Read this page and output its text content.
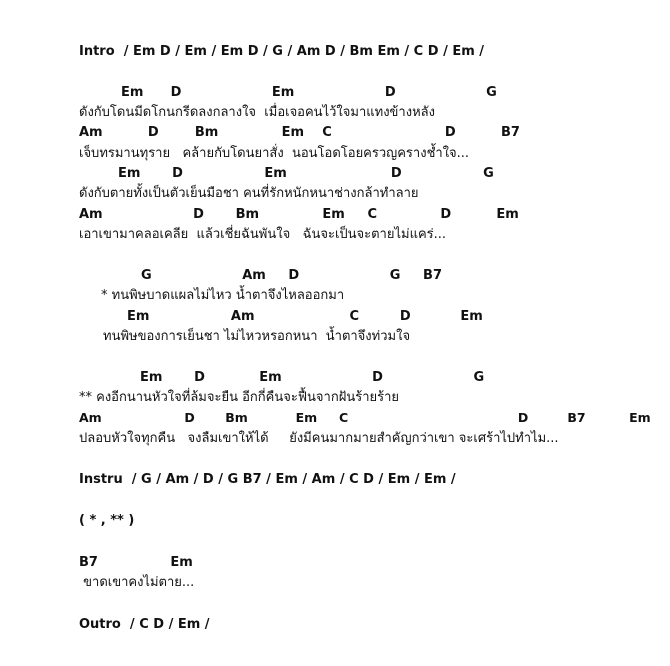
Intro  / Em D / Em / Em D / G / Am D / Bm Em / C D / Em /

Em      D                    Em                    D                    G

ดังกับโดนมีดโกนกรีดลงกลางใจ  เมื่อเจอคนไว้ใจมาแทงข้างหลัง

Am          D        Bm              Em    C                         D          B7

เจ็บทรมานทุราย   คล้ายกับโดนยาสั่ง  นอนโอดโอยครวญครางช้ำใจ...

Em       D                  Em                       D                  G

ดังกับตายทั้งเป็นตัวเย็นมือชา คนที่รักหนักหนาช่างกล้าทำลาย

Am                    D       Bm              Em     C              D          Em

เอาเขามาคลอเคลีย  แล้วเชี่ยฉันพันใจ   ฉันจะเป็นจะตายไม่แคร่...

G                    Am     D                    G     B7

* ทนพิษบาดแผลไม่ไหว น้ำตาจึงไหลออกมา

Em                  Am                     C         D           Em

ทนพิษของการเย็นชา ไม่ไหวหรอกหนา  น้ำตาจึงท่วมใจ

Em       D            Em                    D                    G

** คงอีกนานหัวใจที่ล้มจะยืน อีกกี่คืนจะฟื้นจากฝันร้ายร้าย

Am                   D       Bm           Em     C                                       D         B7          Em

ปลอบหัวใจทุกคืน   จงลืมเขาให้ได้     ยังมีคนมากมายสำคัญกว่าเขา จะเศร้าไปทำไม...

Instru  / G / Am / D / G B7 / Em / Am / C D / Em / Em /

( * , ** )

B7                Em

ขาดเขาคงไม่ตาย...

Outro  / C D / Em /
